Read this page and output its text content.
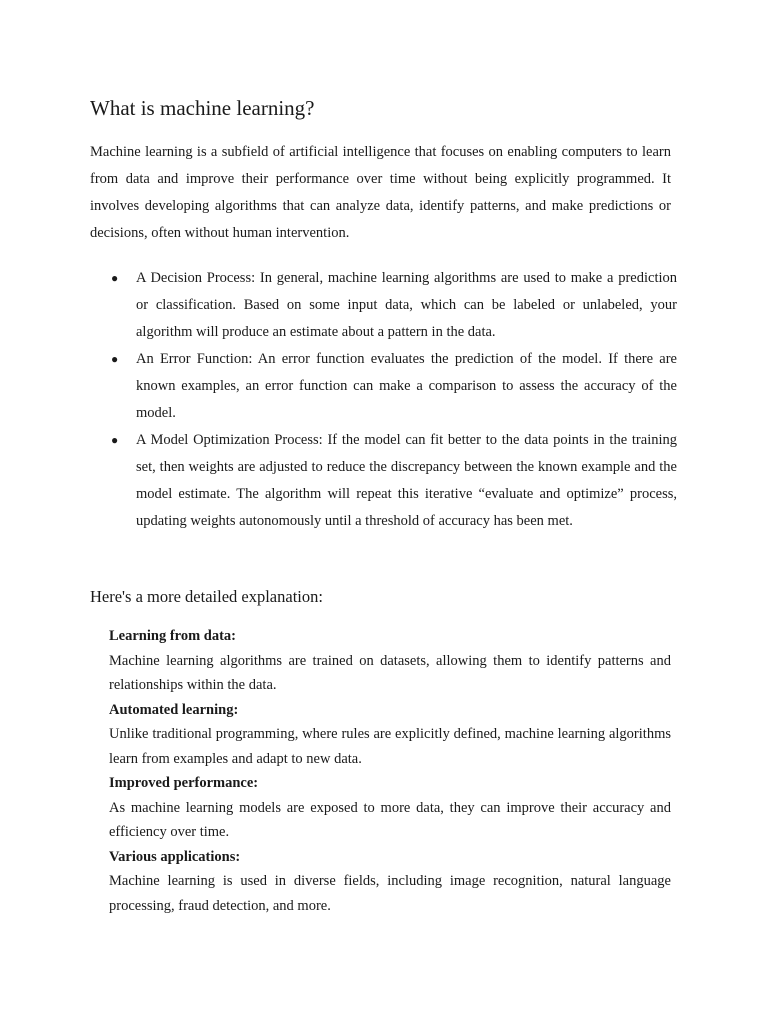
What is machine learning?

Machine learning is a subfield of artificial intelligence that focuses on enabling computers to learn from data and improve their performance over time without being explicitly programmed. It involves developing algorithms that can analyze data, identify patterns, and make predictions or decisions, often without human intervention.

● A Decision Process: In general, machine learning algorithms are used to make a prediction or classification. Based on some input data, which can be labeled or unlabeled, your algorithm will produce an estimate about a pattern in the data.
● An Error Function: An error function evaluates the prediction of the model. If there are known examples, an error function can make a comparison to assess the accuracy of the model.
● A Model Optimization Process: If the model can fit better to the data points in the training set, then weights are adjusted to reduce the discrepancy between the known example and the model estimate. The algorithm will repeat this iterative “evaluate and optimize” process, updating weights autonomously until a threshold of accuracy has been met.
Here's a more detailed explanation:

Learning from data:

Machine learning algorithms are trained on datasets, allowing them to identify patterns and relationships within the data.

Automated learning:

Unlike traditional programming, where rules are explicitly defined, machine learning algorithms learn from examples and adapt to new data.

Improved performance:

As machine learning models are exposed to more data, they can improve their accuracy and efficiency over time.

Various applications:

Machine learning is used in diverse fields, including image recognition, natural language processing, fraud detection, and more.
